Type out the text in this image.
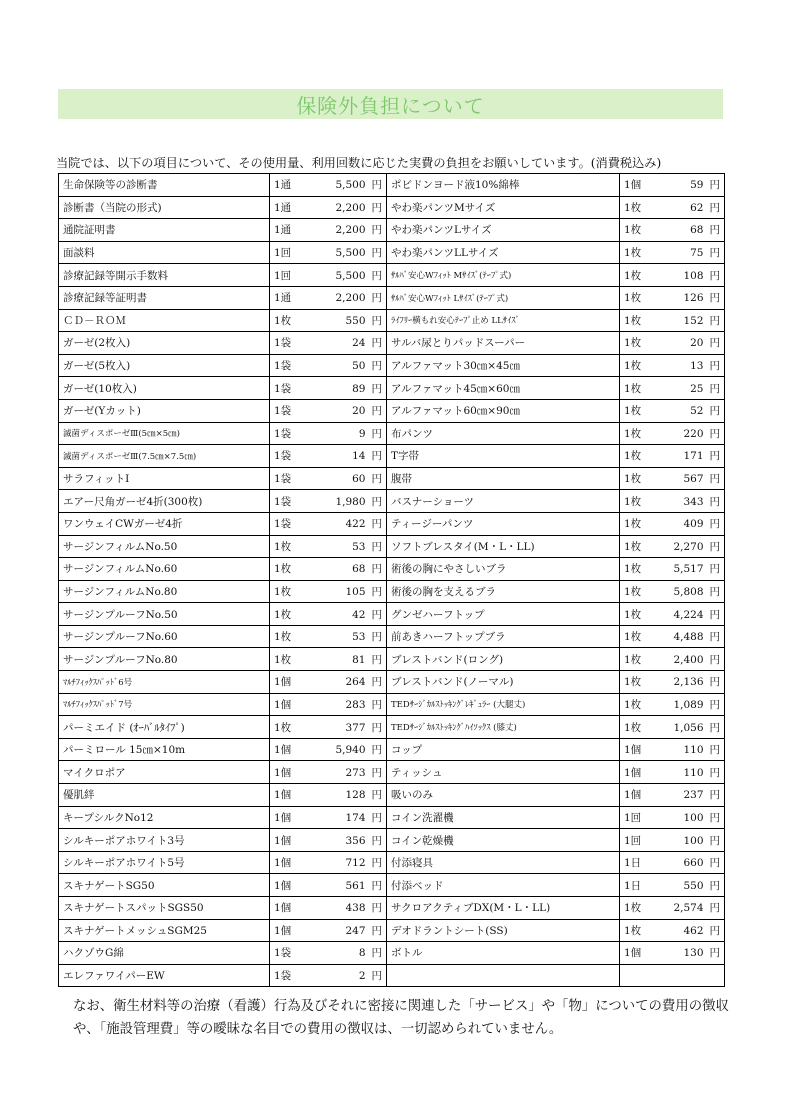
保険外負担について
当院では、以下の項目について、その使用量、利用回数に応じた実費の負担をお願いしています。(消費税込み)
生命保険等の診断書	1通	5,500 円	ポビドンヨード液10%綿棒	1個	59 円
診断書（当院の形式)	1通	2,200 円	やわ楽パンツMサイズ	1枚	62 円
通院証明書	1通	2,200 円	やわ楽パンツLサイズ	1枚	68 円
面談料	1回	5,500 円	やわ楽パンツLLサイズ	1枚	75 円
診療記録等開示手数料	1回	5,500 円	ｻﾙﾊﾞ安心Wﾌｨｯﾄ Mｻｲｽﾞ(ﾃｰﾌﾟ式)	1枚	108 円
診療記録等証明書	1通	2,200 円	ｻﾙﾊﾞ安心Wﾌｨｯﾄ Lｻｲｽﾞ(ﾃｰﾌﾟ式)	1枚	126 円
ＣＤ－ＲＯＭ	1枚	550 円	ﾗｲﾌﾘｰ横もれ安心ﾃｰﾌﾟ止め LLｻｲｽﾞ	1枚	152 円
ガーゼ(2枚入)	1袋	24 円	サルバ尿とりパッドスーパー	1枚	20 円
ガーゼ(5枚入)	1袋	50 円	アルファマット30㎝×45㎝	1枚	13 円
ガーゼ(10枚入)	1袋	89 円	アルファマット45㎝×60㎝	1枚	25 円
ガーゼ(Yカット)	1袋	20 円	アルファマット60㎝×90㎝	1枚	52 円
滅菌ディスポーゼⅢ(5㎝×5㎝)	1袋	9 円	布パンツ	1枚	220 円
滅菌ディスポーゼⅢ(7.5㎝×7.5㎝)	1袋	14 円	T字帯	1枚	171 円
サラフィットⅠ	1袋	60 円	腹帯	1枚	567 円
エアー尺角ガーゼ4折(300枚)	1袋	1,980 円	バスナーショーツ	1枚	343 円
ワンウェイCWガーゼ4折	1袋	422 円	ティージーパンツ	1枚	409 円
サージンフィルムNo.50	1枚	53 円	ソフトブレスタイ(M・L・LL)	1枚	2,270 円
サージンフィルムNo.60	1枚	68 円	術後の胸にやさしいブラ	1枚	5,517 円
サージンフィルムNo.80	1枚	105 円	術後の胸を支えるブラ	1枚	5,808 円
サージンプルーフNo.50	1枚	42 円	グンゼハーフトップ	1枚	4,224 円
サージンプルーフNo.60	1枚	53 円	前あきハーフトップブラ	1枚	4,488 円
サージンプルーフNo.80	1枚	81 円	ブレストバンド(ロング)	1枚	2,400 円
ﾏﾙﾁﾌｨｯｸｽﾊﾟｯﾄﾞ6号	1個	264 円	ブレストバンド(ノーマル)	1枚	2,136 円
ﾏﾙﾁﾌｨｯｸｽﾊﾟｯﾄﾞ7号	1個	283 円	TEDｻｰｼﾞｶﾙｽﾄｯｷﾝｸﾞﾚｷﾞｭﾗｰ (大腿丈)	1枚	1,089 円
パーミエイド (ｵｰﾊﾞﾙﾀｲﾌﾟ)	1枚	377 円	TEDｻｰｼﾞｶﾙｽﾄｯｷﾝｸﾞﾊｲｿｯｸｽ (膝丈)	1枚	1,056 円
パーミロール 15㎝×10m	1個	5,940 円	コップ	1個	110 円
マイクロポア	1個	273 円	ティッシュ	1個	110 円
優肌絆	1個	128 円	吸いのみ	1個	237 円
キープシルクNo12	1個	174 円	コイン洗濯機	1回	100 円
シルキーポアホワイト3号	1個	356 円	コイン乾燥機	1回	100 円
シルキーポアホワイト5号	1個	712 円	付添寝具	1日	660 円
スキナゲートSG50	1個	561 円	付添ベッド	1日	550 円
スキナゲートスパットSGS50	1個	438 円	サクロアクティブDX(M・L・LL)	1枚	2,574 円
スキナゲートメッシュSGM25	1個	247 円	デオドラントシート(SS)	1枚	462 円
ハクゾウG綿	1袋	8 円	ボトル	1個	130 円
エレファワイパーEW	1袋	2 円			
なお、衛生材料等の治療（看護）行為及びそれに密接に関連した「サービス」や「物」についての費用の徴収や、「施設管理費」等の曖昧な名目での費用の徴収は、一切認められていません。
